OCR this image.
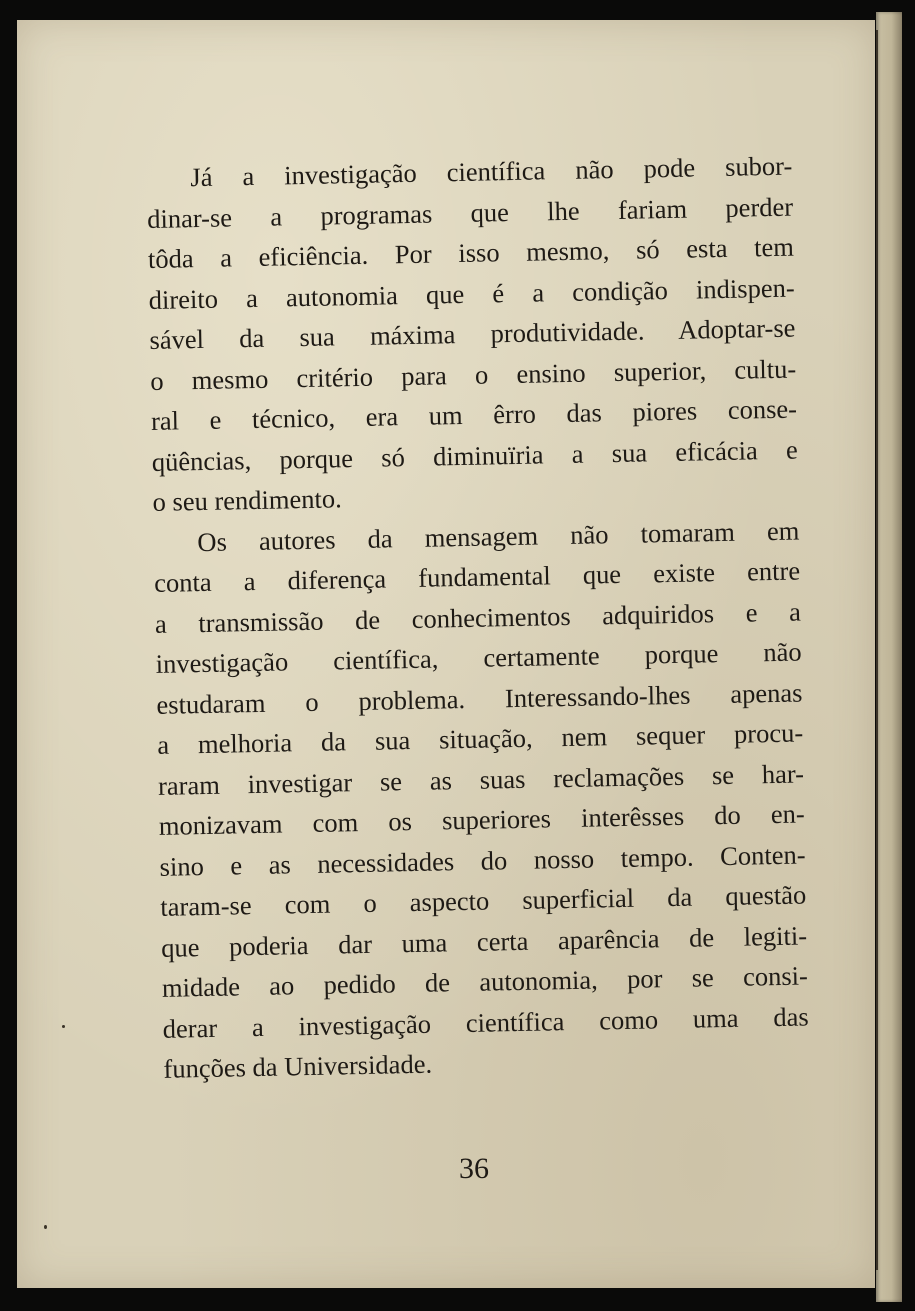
Já a investigação científica não pode subor-
dinar-se a programas que lhe fariam perder
tôda a eficiência. Por isso mesmo, só esta tem
direito a autonomia que é a condição indispen-
sável da sua máxima produtividade. Adoptar-se
o mesmo critério para o ensino superior, cultu-
ral e técnico, era um êrro das piores conse-
qüências, porque só diminuïria a sua eficácia e
o seu rendimento.

Os autores da mensagem não tomaram em
conta a diferença fundamental que existe entre
a transmissão de conhecimentos adquiridos e a
investigação científica, certamente porque não
estudaram o problema. Interessando-lhes apenas
a melhoria da sua situação, nem sequer procu-
raram investigar se as suas reclamações se har-
monizavam com os superiores interêsses do en-
sino e as necessidades do nosso tempo. Conten-
taram-se com o aspecto superficial da questão
que poderia dar uma certa aparência de legiti-
midade ao pedido de autonomia, por se consi-
derar a investigação científica como uma das
funções da Universidade.

36
